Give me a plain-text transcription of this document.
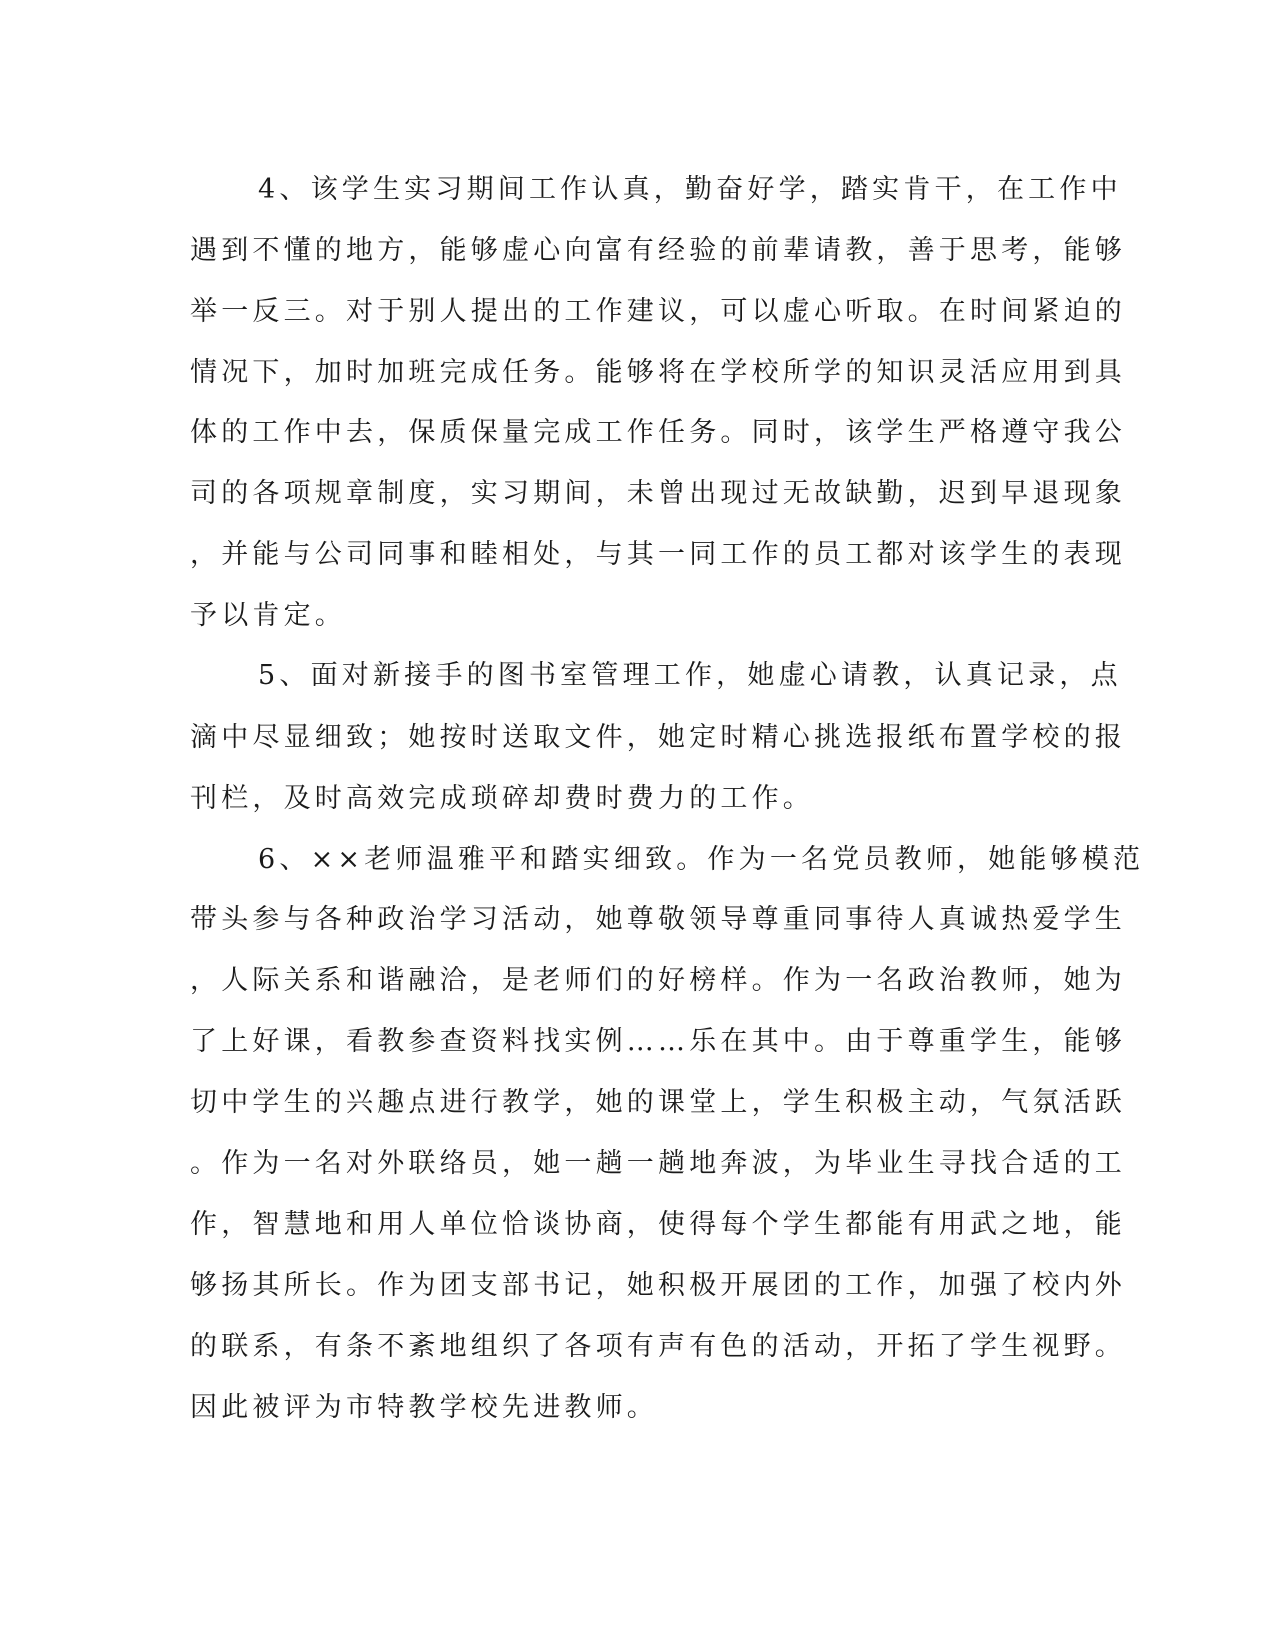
4、该学生实习期间工作认真，勤奋好学，踏实肯干，在工作中
遇到不懂的地方，能够虚心向富有经验的前辈请教，善于思考，能够
举一反三。对于别人提出的工作建议，可以虚心听取。在时间紧迫的
情况下，加时加班完成任务。能够将在学校所学的知识灵活应用到具
体的工作中去，保质保量完成工作任务。同时，该学生严格遵守我公
司的各项规章制度，实习期间，未曾出现过无故缺勤，迟到早退现象
，并能与公司同事和睦相处，与其一同工作的员工都对该学生的表现
予以肯定。
5、面对新接手的图书室管理工作，她虚心请教，认真记录，点
滴中尽显细致；她按时送取文件，她定时精心挑选报纸布置学校的报
刊栏，及时高效完成琐碎却费时费力的工作。
6、××老师温雅平和踏实细致。作为一名党员教师，她能够模范
带头参与各种政治学习活动，她尊敬领导尊重同事待人真诚热爱学生
，人际关系和谐融洽，是老师们的好榜样。作为一名政治教师，她为
了上好课，看教参查资料找实例……乐在其中。由于尊重学生，能够
切中学生的兴趣点进行教学，她的课堂上，学生积极主动，气氛活跃
。作为一名对外联络员，她一趟一趟地奔波，为毕业生寻找合适的工
作，智慧地和用人单位恰谈协商，使得每个学生都能有用武之地，能
够扬其所长。作为团支部书记，她积极开展团的工作，加强了校内外
的联系，有条不紊地组织了各项有声有色的活动，开拓了学生视野。
因此被评为市特教学校先进教师。
